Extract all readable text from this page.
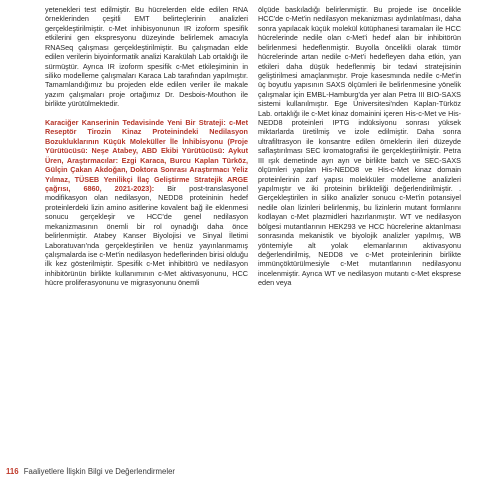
yetenekleri test edilmiştir. Bu hücrelerden elde edilen RNA örneklerinden çeşitli EMT belirteçlerinin analizleri gerçekleştirilmiştir. c-Met inhibisyonunun IR izoform spesifik etkilerini gen ekspresyonu düzeyinde belirlemek amacıyla RNASeq çalışması gerçekleştirilmiştir. Bu çalışmadan elde edilen verilerin biyoinformatik analizi Karakülah Lab ortaklığı ile sürmüştür. Ayrıca IR izoform spesifik c-Met etkileşiminin in siliko modelleme çalışmaları Karaca Lab tarafından yapılmıştır. Tamamlandığımız bu projeden elde edilen veriler ile makale yazım çalışmaları proje ortağımız Dr. Desbois-Mouthon ile birlikte yürütülmektedir.

Karaciğer Kanserinin Tedavisinde Yeni Bir Strateji: c-Met Reseptör Tirozin Kinaz Proteinindeki Nedilasyon Bozukluklarının Küçük Moleküller İle İnhibisyonu (Proje Yürütücüsü: Neşe Atabey, ABD Ekibi Yürütücüsü: Aykut Üren, Araştırmacılar: Ezgi Karaca, Burcu Kaplan Türköz, Gülçin Çakan Akdoğan, Doktora Sonrası Araştırmacı Yeliz Yılmaz, TÜSEB Yenilikçi İlaç Geliştirme Stratejik ARGE çağrısı, 6860, 2021-2023): Bir post-translasyonel modifikasyon olan nedilasyon, NEDD8 proteininin hedef proteinlerdeki lizin amino asitlerine kovalent bağ ile eklenmesi sonucu gerçekleşir ve HCC'de genel nedilasyon mekanizmasının önemli bir rol oynadığı daha önce belirlenmiştir. Atabey Kanser Biyolojisi ve Sinyal İletimi Laboratuvarı'nda gerçekleştirilen ve henüz yayınlanmamış çalışmalarda ise c-Met'in nedilasyon hedeflerinden birisi olduğu ilk kez gösterilmiştir. Spesifik c-Met inhibitörü ve nedilasyon inhibitörünün birlikte kullanımının c-Met aktivasyonunu, HCC hücre proliferasyonunu ve migrasyonunu önemli

ölçüde baskıladığı belirlenmiştir. Bu projede ise öncelikle HCC'de c-Met'in nedilasyon mekanizması aydınlatılması, daha sonra yapılacak küçük molekül kütüphanesi taramaları ile HCC hücrelerinde nedile olan c-Met'i hedef alan bir inhibitörün belirlenmesi hedeflenmiştir. Buyolla öncelikli olarak tümör hücrelerinde artan nedile c-Met'i hedefleyen daha etkin, yan etkileri daha düşük hedeflenmiş bir tedavi stratejisinin geliştirilmesi amaçlanmıştır. Proje kasesmında nedile c-Met'in üç boyutlu yapısının SAXS ölçümleri ile belirlenmesine yönelik çalışmalar için EMBL-Hamburg'da yer alan Petra III BIO-SAXS sistemi kullanılmıştır. Ege Üniversitesi'nden Kaplan-Türköz Lab. ortaklığı ile c-Met kinaz domainini içeren His-c-Met ve His-NEDD8 proteinleri IPTG indüksiyonu sonrası yüksek miktarlarda üretilmiş ve izole edilmiştir. Daha sonra ultrafiltrasyon ile konsantre edilen örneklerin ileri düzeyde saflaştırılması SEC kromatografisi ile gerçekleştirilmiştir. Petra III ışık demetinde ayrı ayrı ve birlikte batch ve SEC-SAXS ölçümleri yapılan His-NEDD8 ve His-c-Met kinaz domain proteinlerinin zarf yapısı molekküler modelleme analizleri yapılmıştır ve iki proteinin birlikteliği değerlendirilmiştir. . Gerçekleştirilen in siliko analizler sonucu c-Met'in potansiyel nedile olan lizinleri belirlenmiş, bu lizinlerin mutant formlarını kodlayan c-Met plazmidleri hazırlanmıştır. WT ve nedilasyon bölgesi mutantlarının HEK293 ve HCC hücrelerine aktarılması sonrasında mekanistik ve biyolojik analizler yapılmış, WB yöntemiyle alt yolak elemanlarının aktivasyonu değerlendirilmiş, NEDD8 ve c-Met proteinlerinin birlikte immünçöktürülmesiyle c-Met mutantlarının nedilasyonu incelenmiştir. Ayrıca WT ve nedilasyon mutantı c-Met eksprese eden veya

116 Faaliyetlere İlişkin Bilgi ve Değerlendirmeler
